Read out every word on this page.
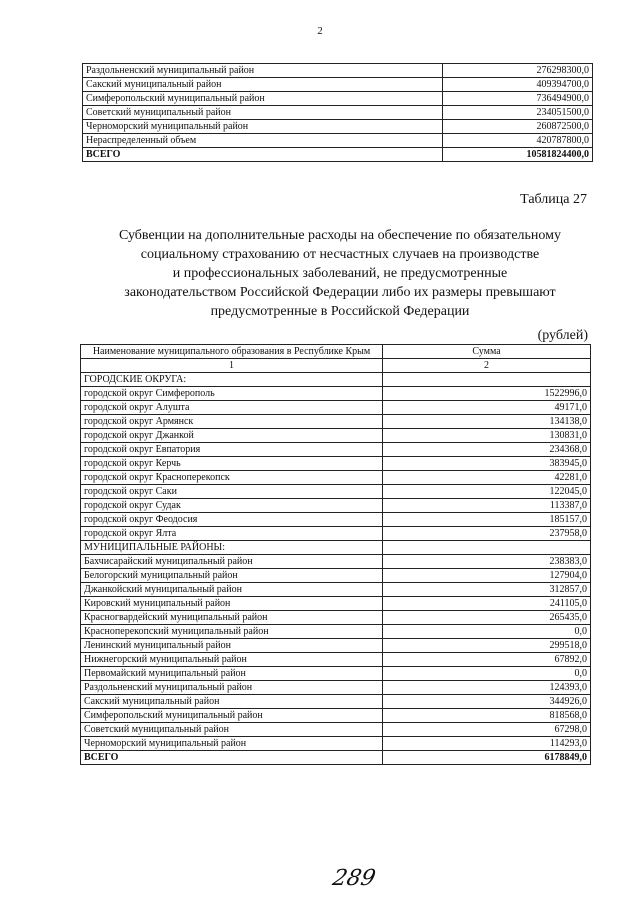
2
Раздольненский муниципальный район	276298300,0
Сакский муниципальный район	409394700,0
Симферопольский муниципальный район	736494900,0
Советский муниципальный район	234051500,0
Черноморский муниципальный район	260872500,0
Нераспределенный объем	420787800,0
ВСЕГО	10581824400,0
Таблица 27
Субвенции на дополнительные расходы на обеспечение по обязательному
социальному страхованию от несчастных случаев на производстве
и профессиональных заболеваний, не предусмотренные
законодательством Российской Федерации либо их размеры превышают
предусмотренные в Российской Федерации
(рублей)
Наименование муниципального образования в Республике Крым	Сумма
1	2
ГОРОДСКИЕ ОКРУГА:	
городской округ Симферополь	1522996,0
городской округ Алушта	49171,0
городской округ Армянск	134138,0
городской округ Джанкой	130831,0
городской округ Евпатория	234368,0
городской округ Керчь	383945,0
городской округ Красноперекопск	42281,0
городской округ Саки	122045,0
городской округ Судак	113387,0
городской округ Феодосия	185157,0
городской округ Ялта	237958,0
МУНИЦИПАЛЬНЫЕ РАЙОНЫ:	
Бахчисарайский муниципальный район	238383,0
Белогорский муниципальный район	127904,0
Джанкойский муниципальный район	312857,0
Кировский муниципальный район	241105,0
Красногвардейский муниципальный район	265435,0
Красноперекопский муниципальный район	0,0
Ленинский муниципальный район	299518,0
Нижнегорский муниципальный район	67892,0
Первомайский муниципальный район	0,0
Раздольненский муниципальный район	124393,0
Сакский муниципальный район	344926,0
Симферопольский муниципальный район	818568,0
Советский муниципальный район	67298,0
Черноморский муниципальный район	114293,0
ВСЕГО	6178849,0
289
